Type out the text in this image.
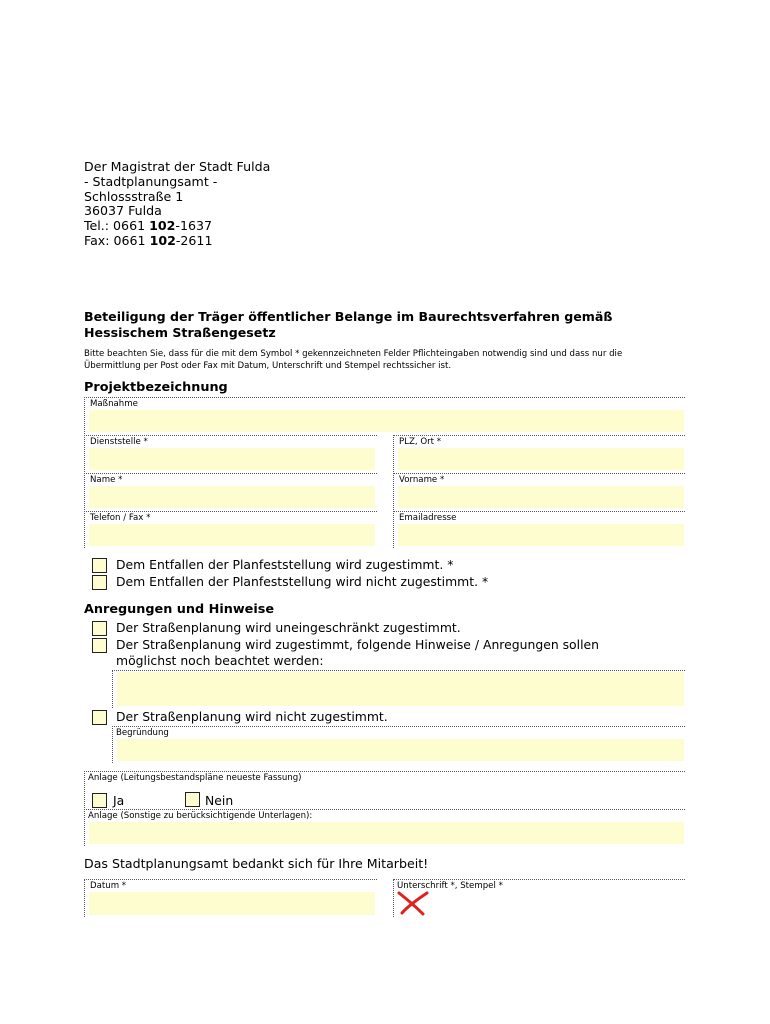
Der Magistrat der Stadt Fulda
- Stadtplanungsamt -
Schlossstraße 1
36037 Fulda
Tel.: 0661 102-1637
Fax: 0661 102-2611
Beteiligung der Träger öffentlicher Belange im Baurechtsverfahren gemäß
Hessischem Straßengesetz
Bitte beachten Sie, dass für die mit dem Symbol * gekennzeichneten Felder Pflichteingaben notwendig sind und dass nur die
Übermittlung per Post oder Fax mit Datum, Unterschrift und Stempel rechtssicher ist.
Projektbezeichnung
Maßnahme
Dienststelle *	PLZ, Ort *
Name *	Vorname *
Telefon / Fax *	Emailadresse
Dem Entfallen der Planfeststellung wird zugestimmt. *
Dem Entfallen der Planfeststellung wird nicht zugestimmt. *
Anregungen und Hinweise
Der Straßenplanung wird uneingeschränkt zugestimmt.
Der Straßenplanung wird zugestimmt, folgende Hinweise / Anregungen sollen
möglichst noch beachtet werden:
Der Straßenplanung wird nicht zugestimmt.
Begründung
Anlage (Leitungsbestandspläne neueste Fassung)
Ja	Nein
Anlage (Sonstige zu berücksichtigende Unterlagen):
Das Stadtplanungsamt bedankt sich für Ihre Mitarbeit!
Datum *	Unterschrift *, Stempel *
